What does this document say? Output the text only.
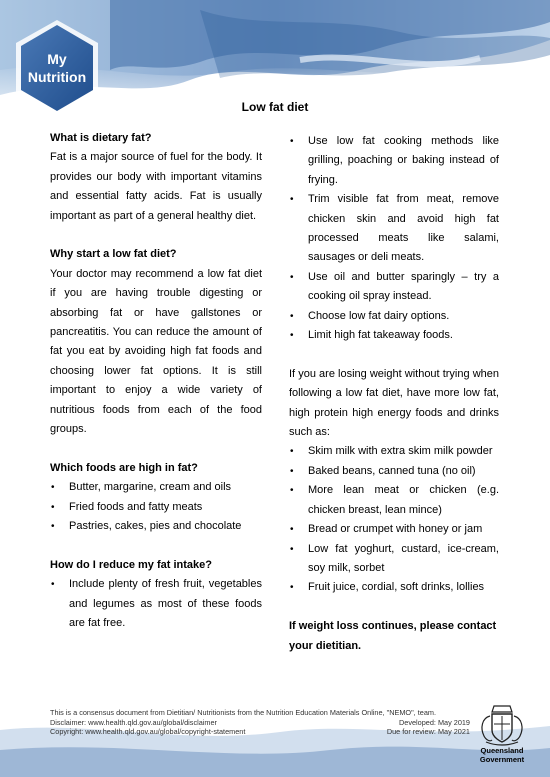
My
Nutrition
Low fat diet
What is dietary fat?

Fat is a major source of fuel for the body. It provides our body with important vitamins and essential fatty acids. Fat is usually important as part of a general healthy diet.

Why start a low fat diet?

Your doctor may recommend a low fat diet if you are having trouble digesting or absorbing fat or have gallstones or pancreatitis. You can reduce the amount of fat you eat by avoiding high fat foods and choosing lower fat options. It is still important to enjoy a wide variety of nutritious foods from each of the food groups.

Which foods are high in fat?
• Butter, margarine, cream and oils
• Fried foods and fatty meats
• Pastries, cakes, pies and chocolate
How do I reduce my fat intake?
• Include plenty of fresh fruit, vegetables and legumes as most of these foods are fat free.
• Use low fat cooking methods like grilling, poaching or baking instead of frying.
• Trim visible fat from meat, remove chicken skin and avoid high fat processed meats like salami, sausages or deli meats.
• Use oil and butter sparingly – try a cooking oil spray instead.
• Choose low fat dairy options.
• Limit high fat takeaway foods.

If you are losing weight without trying when following a low fat diet, have more low fat, high protein high energy foods and drinks such as:

• Skim milk with extra skim milk powder
• Baked beans, canned tuna (no oil)
• More lean meat or chicken (e.g. chicken breast, lean mince)
• Bread or crumpet with honey or jam
• Low fat yoghurt, custard, ice-cream, soy milk, sorbet
• Fruit juice, cordial, soft drinks, lollies

If weight loss continues, please contact your dietitian.

This is a consensus document from Dietitian/ Nutritionists from the Nutrition Education Materials Online, "NEMO", team.
Disclaimer: www.health.qld.gov.au/global/disclaimer	Developed: May 2019
Copyright: www.health.qld.gov.au/global/copyright-statement	Due for review: May 2021
Queensland
Government
